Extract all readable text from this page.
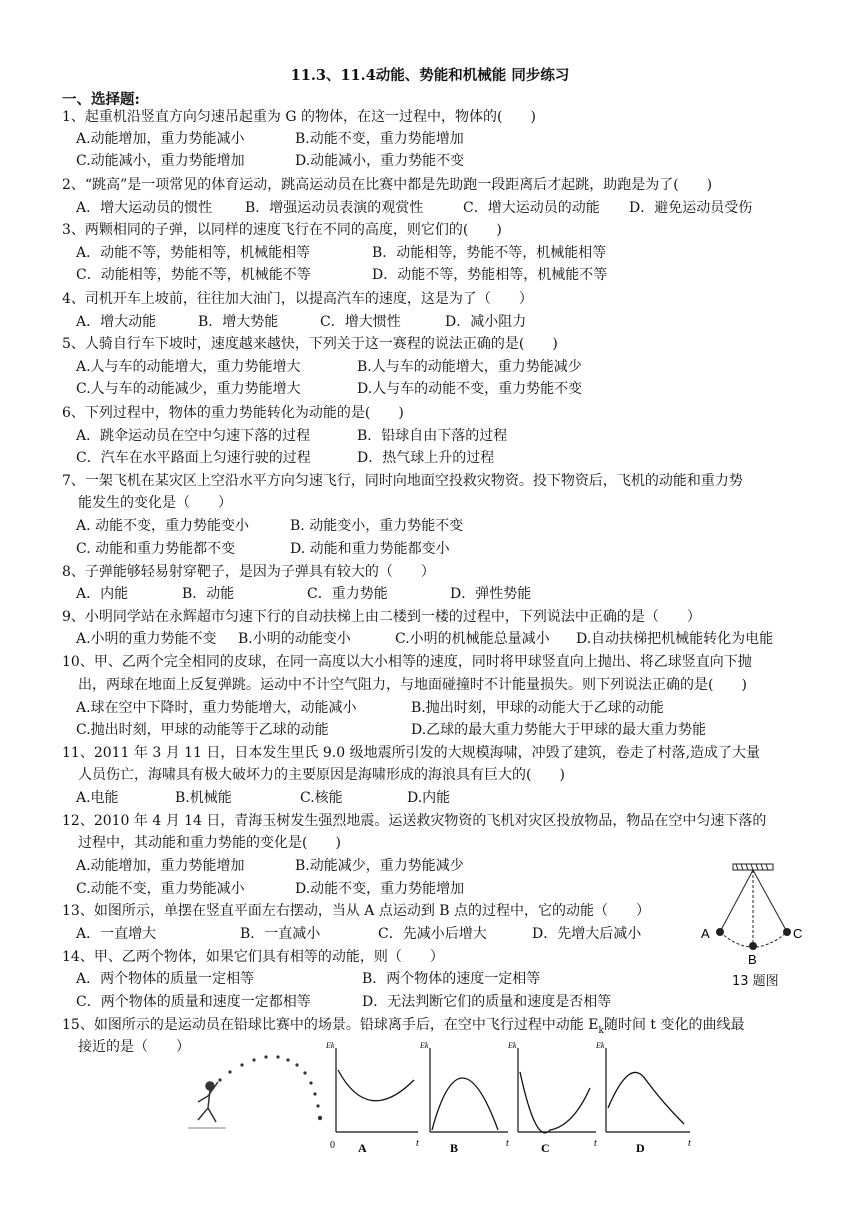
11.3、11.4动能、势能和机械能 同步练习
一、选择题:
1、起重机沿竖直方向匀速吊起重为 G 的物体，在这一过程中，物体的(　　)
A.动能增加，重力势能减小	B.动能不变，重力势能增加
C.动能减小，重力势能增加	D.动能减小，重力势能不变
2、“跳高”是一项常见的体育运动，跳高运动员在比赛中都是先助跑一段距离后才起跳，助跑是为了(　　)
A．增大运动员的惯性 B．增强运动员表演的观赏性	C．增大运动员的动能 D．避免运动员受伤
3、两颗相同的子弹，以同样的速度飞行在不同的高度，则它们的(　　)
A．动能不等，势能相等，机械能相等	B．动能相等，势能不等，机械能相等
C．动能相等，势能不等，机械能不等	D．动能不等，势能相等，机械能不等
4、司机开车上坡前，往往加大油门，以提高汽车的速度，这是为了（　　）
A．增大动能	B．增大势能	C．增大惯性	D．减小阻力
5、人骑自行车下坡时，速度越来越快，下列关于这一赛程的说法正确的是(　　)
A.人与车的动能增大，重力势能增大	B.人与车的动能增大，重力势能减少
C.人与车的动能减少，重力势能增大	D.人与车的动能不变，重力势能不变
6、下列过程中，物体的重力势能转化为动能的是(　　)
A．跳伞运动员在空中匀速下落的过程	B．铅球自由下落的过程
C．汽车在水平路面上匀速行驶的过程	D．热气球上升的过程
7、一架飞机在某灾区上空沿水平方向匀速飞行，同时向地面空投救灾物资。投下物资后，飞机的动能和重力势
能发生的变化是（　　）
A. 动能不变，重力势能变小	B. 动能变小，重力势能不变
C. 动能和重力势能都不变	D. 动能和重力势能都变小
8、子弹能够轻易射穿靶子，是因为子弹具有较大的（　　）
A．内能	B．动能	C．重力势能	D．弹性势能
9、小明同学站在永辉超市匀速下行的自动扶梯上由二楼到一楼的过程中，下列说法中正确的是（　　）
A.小明的重力势能不变 B.小明的动能变小	C.小明的机械能总量减小 D.自动扶梯把机械能转化为电能
10、甲、乙两个完全相同的皮球，在同一高度以大小相等的速度，同时将甲球竖直向上抛出、将乙球竖直向下抛
出，两球在地面上反复弹跳。运动中不计空气阻力，与地面碰撞时不计能量损失。则下列说法正确的是(　　)
A.球在空中下降时，重力势能增大，动能减小	B.抛出时刻，甲球的动能大于乙球的动能
C.抛出时刻，甲球的动能等于乙球的动能	D.乙球的最大重力势能大于甲球的最大重力势能
11、2011 年 3 月 11 日，日本发生里氏 9.0 级地震所引发的大规模海啸，冲毁了建筑，卷走了村落,造成了大量
人员伤亡，海啸具有极大破坏力的主要原因是海啸形成的海浪具有巨大的(　　)
A.电能	B.机械能	C.核能	D.内能
12、2010 年 4 月 14 日，青海玉树发生强烈地震。运送救灾物资的飞机对灾区投放物品，物品在空中匀速下落的
过程中，其动能和重力势能的变化是(　　)
A.动能增加，重力势能增加	B.动能减少，重力势能减少
C.动能不变，重力势能减小	D.动能不变，重力势能增加
13、如图所示，单摆在竖直平面左右摆动，当从 A 点运动到 B 点的过程中，它的动能（　　）
A．一直增大	B．一直减小	C．先减小后增大	D．先增大后减小
14、甲、乙两个物体，如果它们具有相等的动能，则（　　）
A．两个物体的质量一定相等	B．两个物体的速度一定相等
C．两个物体的质量和速度一定都相等	D．无法判断它们的质量和速度是否相等
15、如图所示的是运动员在铅球比赛中的场景。铅球离手后，在空中飞行过程中动能 $E_k$随时间 t 变化的曲线最
接近的是（　　）
A
B
C
13 题图
Ek
0	t
A
Ek
t
B
Ek
t
C
Ek
t
D
